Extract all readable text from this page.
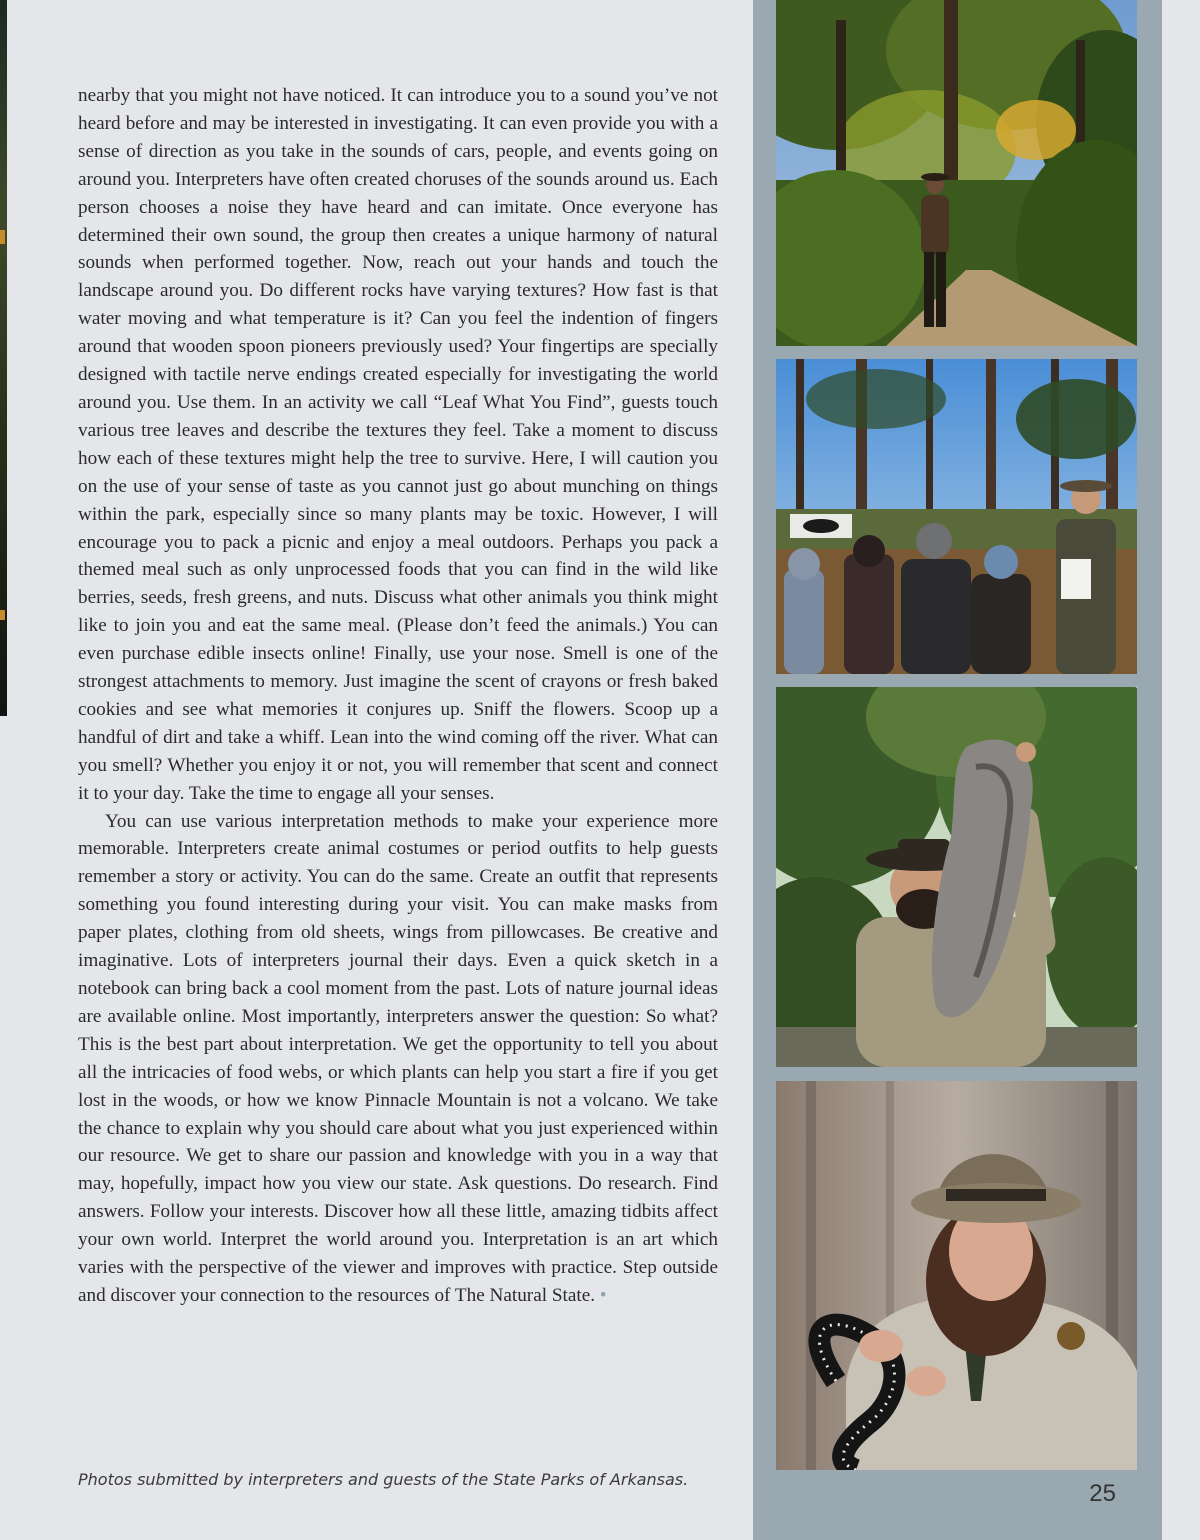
nearby that you might not have noticed. It can introduce you to a sound you’ve not heard before and may be interested in investigating. It can even provide you with a sense of direction as you take in the sounds of cars, people, and events going on around you. Interpreters have often created choruses of the sounds around us. Each person chooses a noise they have heard and can imitate. Once everyone has determined their own sound, the group then creates a unique harmony of natural sounds when performed together. Now, reach out your hands and touch the landscape around you. Do different rocks have varying textures? How fast is that water moving and what temperature is it? Can you feel the indention of fingers around that wooden spoon pioneers previously used? Your fingertips are specially designed with tactile nerve endings created especially for investigating the world around you. Use them. In an activity we call “Leaf What You Find”, guests touch various tree leaves and describe the textures they feel. Take a moment to discuss how each of these textures might help the tree to survive. Here, I will caution you on the use of your sense of taste as you cannot just go about munching on things within the park, especially since so many plants may be toxic. However, I will encourage you to pack a picnic and enjoy a meal outdoors. Perhaps you pack a themed meal such as only unprocessed foods that you can find in the wild like berries, seeds, fresh greens, and nuts. Discuss what other animals you think might like to join you and eat the same meal. (Please don’t feed the animals.) You can even purchase edible insects online! Finally, use your nose. Smell is one of the strongest attachments to memory. Just imagine the scent of crayons or fresh baked cookies and see what memories it conjures up. Sniff the flowers. Scoop up a handful of dirt and take a whiff. Lean into the wind coming off the river. What can you smell? Whether you enjoy it or not, you will remember that scent and connect it to your day. Take the time to engage all your senses.

You can use various interpretation methods to make your experience more memorable. Interpreters create animal costumes or period outfits to help guests remember a story or activity. You can do the same. Create an outfit that represents something you found interesting during your visit. You can make masks from paper plates, clothing from old sheets, wings from pillowcases. Be creative and imaginative. Lots of interpreters journal their days. Even a quick sketch in a notebook can bring back a cool moment from the past. Lots of nature journal ideas are available online. Most importantly, interpreters answer the question: So what? This is the best part about interpretation. We get the opportunity to tell you about all the intricacies of food webs, or which plants can help you start a fire if you get lost in the woods, or how we know Pinnacle Mountain is not a volcano. We take the chance to explain why you should care about what you just experienced within our resource. We get to share our passion and knowledge with you in a way that may, hopefully, impact how you view our state. Ask questions. Do research. Find answers. Follow your interests. Discover how all these little, amazing tidbits affect your own world. Interpret the world around you. Interpretation is an art which varies with the perspective of the viewer and improves with practice. Step outside and discover your connection to the resources of The Natural State. •

Photos submitted by interpreters and guests of the State Parks of Arkansas.
25
